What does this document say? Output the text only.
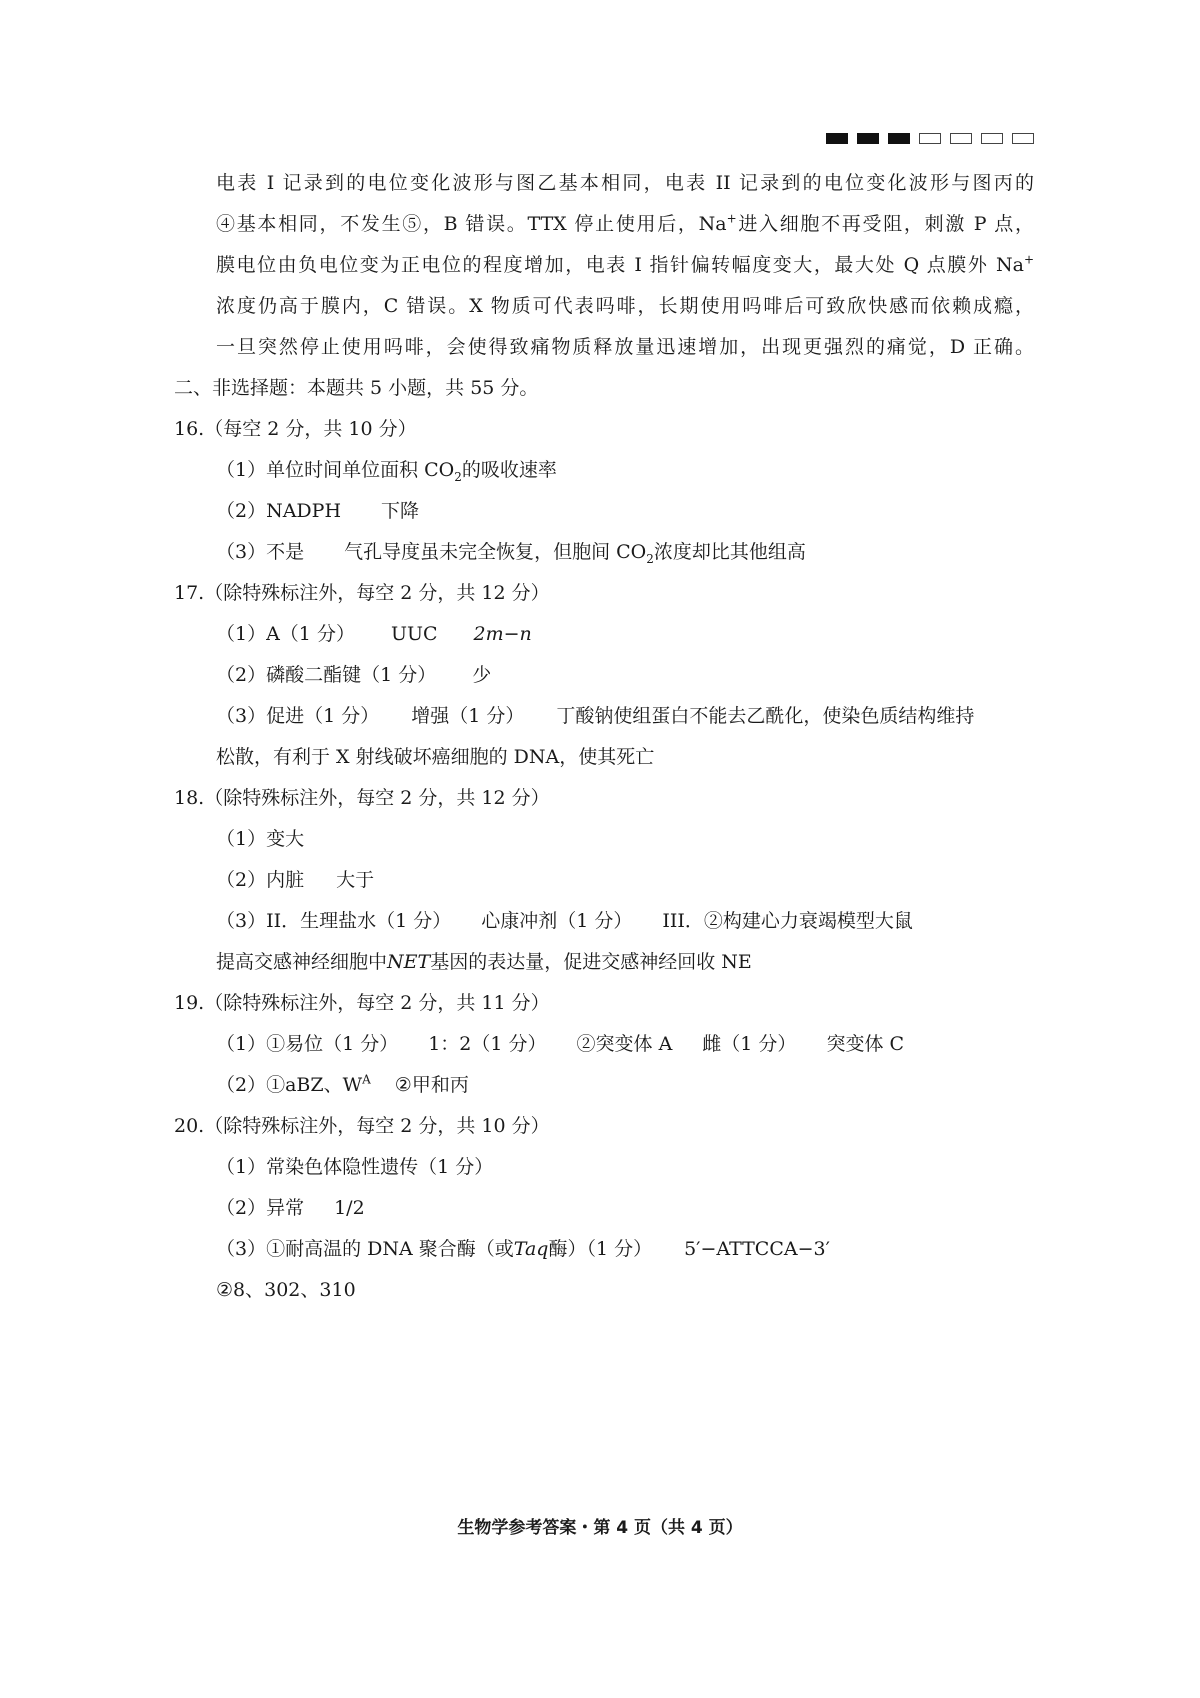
电表 I 记录到的电位变化波形与图乙基本相同，电表 II 记录到的电位变化波形与图丙的
④基本相同，不发生⑤，B 错误。TTX 停止使用后，Na+进入细胞不再受阻，刺激 P 点，
膜电位由负电位变为正电位的程度增加，电表 I 指针偏转幅度变大，最大处 Q 点膜外 Na+
浓度仍高于膜内，C 错误。X 物质可代表吗啡，长期使用吗啡后可致欣快感而依赖成瘾，
一旦突然停止使用吗啡，会使得致痛物质释放量迅速增加，出现更强烈的痛觉，D 正确。
二、非选择题：本题共 5 小题，共 55 分。
16.（每空 2 分，共 10 分）
（1）单位时间单位面积 $CO_2$的吸收速率
（2）NADPH 下降
（3）不是 气孔导度虽未完全恢复，但胞间 $CO_2$浓度却比其他组高
17.（除特殊标注外，每空 2 分，共 12 分）
（1）A（1 分） UUC 2m−n
（2）磷酸二酯键（1 分） 少
（3）促进（1 分） 增强（1 分） 丁酸钠使组蛋白不能去乙酰化，使染色质结构维持
松散，有利于 X 射线破坏癌细胞的 DNA，使其死亡
18.（除特殊标注外，每空 2 分，共 12 分）
（1）变大
（2）内脏 大于
（3）II．生理盐水（1 分） 心康冲剂（1 分） III．②构建心力衰竭模型大鼠
提高交感神经细胞中NET基因的表达量，促进交感神经回收 NE
19.（除特殊标注外，每空 2 分，共 11 分）
（1）①易位（1 分） 1：2（1 分） ②突变体 A 雌（1 分） 突变体 C
（2）①aBZ、$W^A$ ②甲和丙
20.（除特殊标注外，每空 2 分，共 10 分）
（1）常染色体隐性遗传（1 分）
（2）异常 1/2
（3）①耐高温的 DNA 聚合酶（或Taq酶）（1 分） 5′−ATTCCA−3′
②8、302、310
生物学参考答案・第 4 页（共 4 页）
